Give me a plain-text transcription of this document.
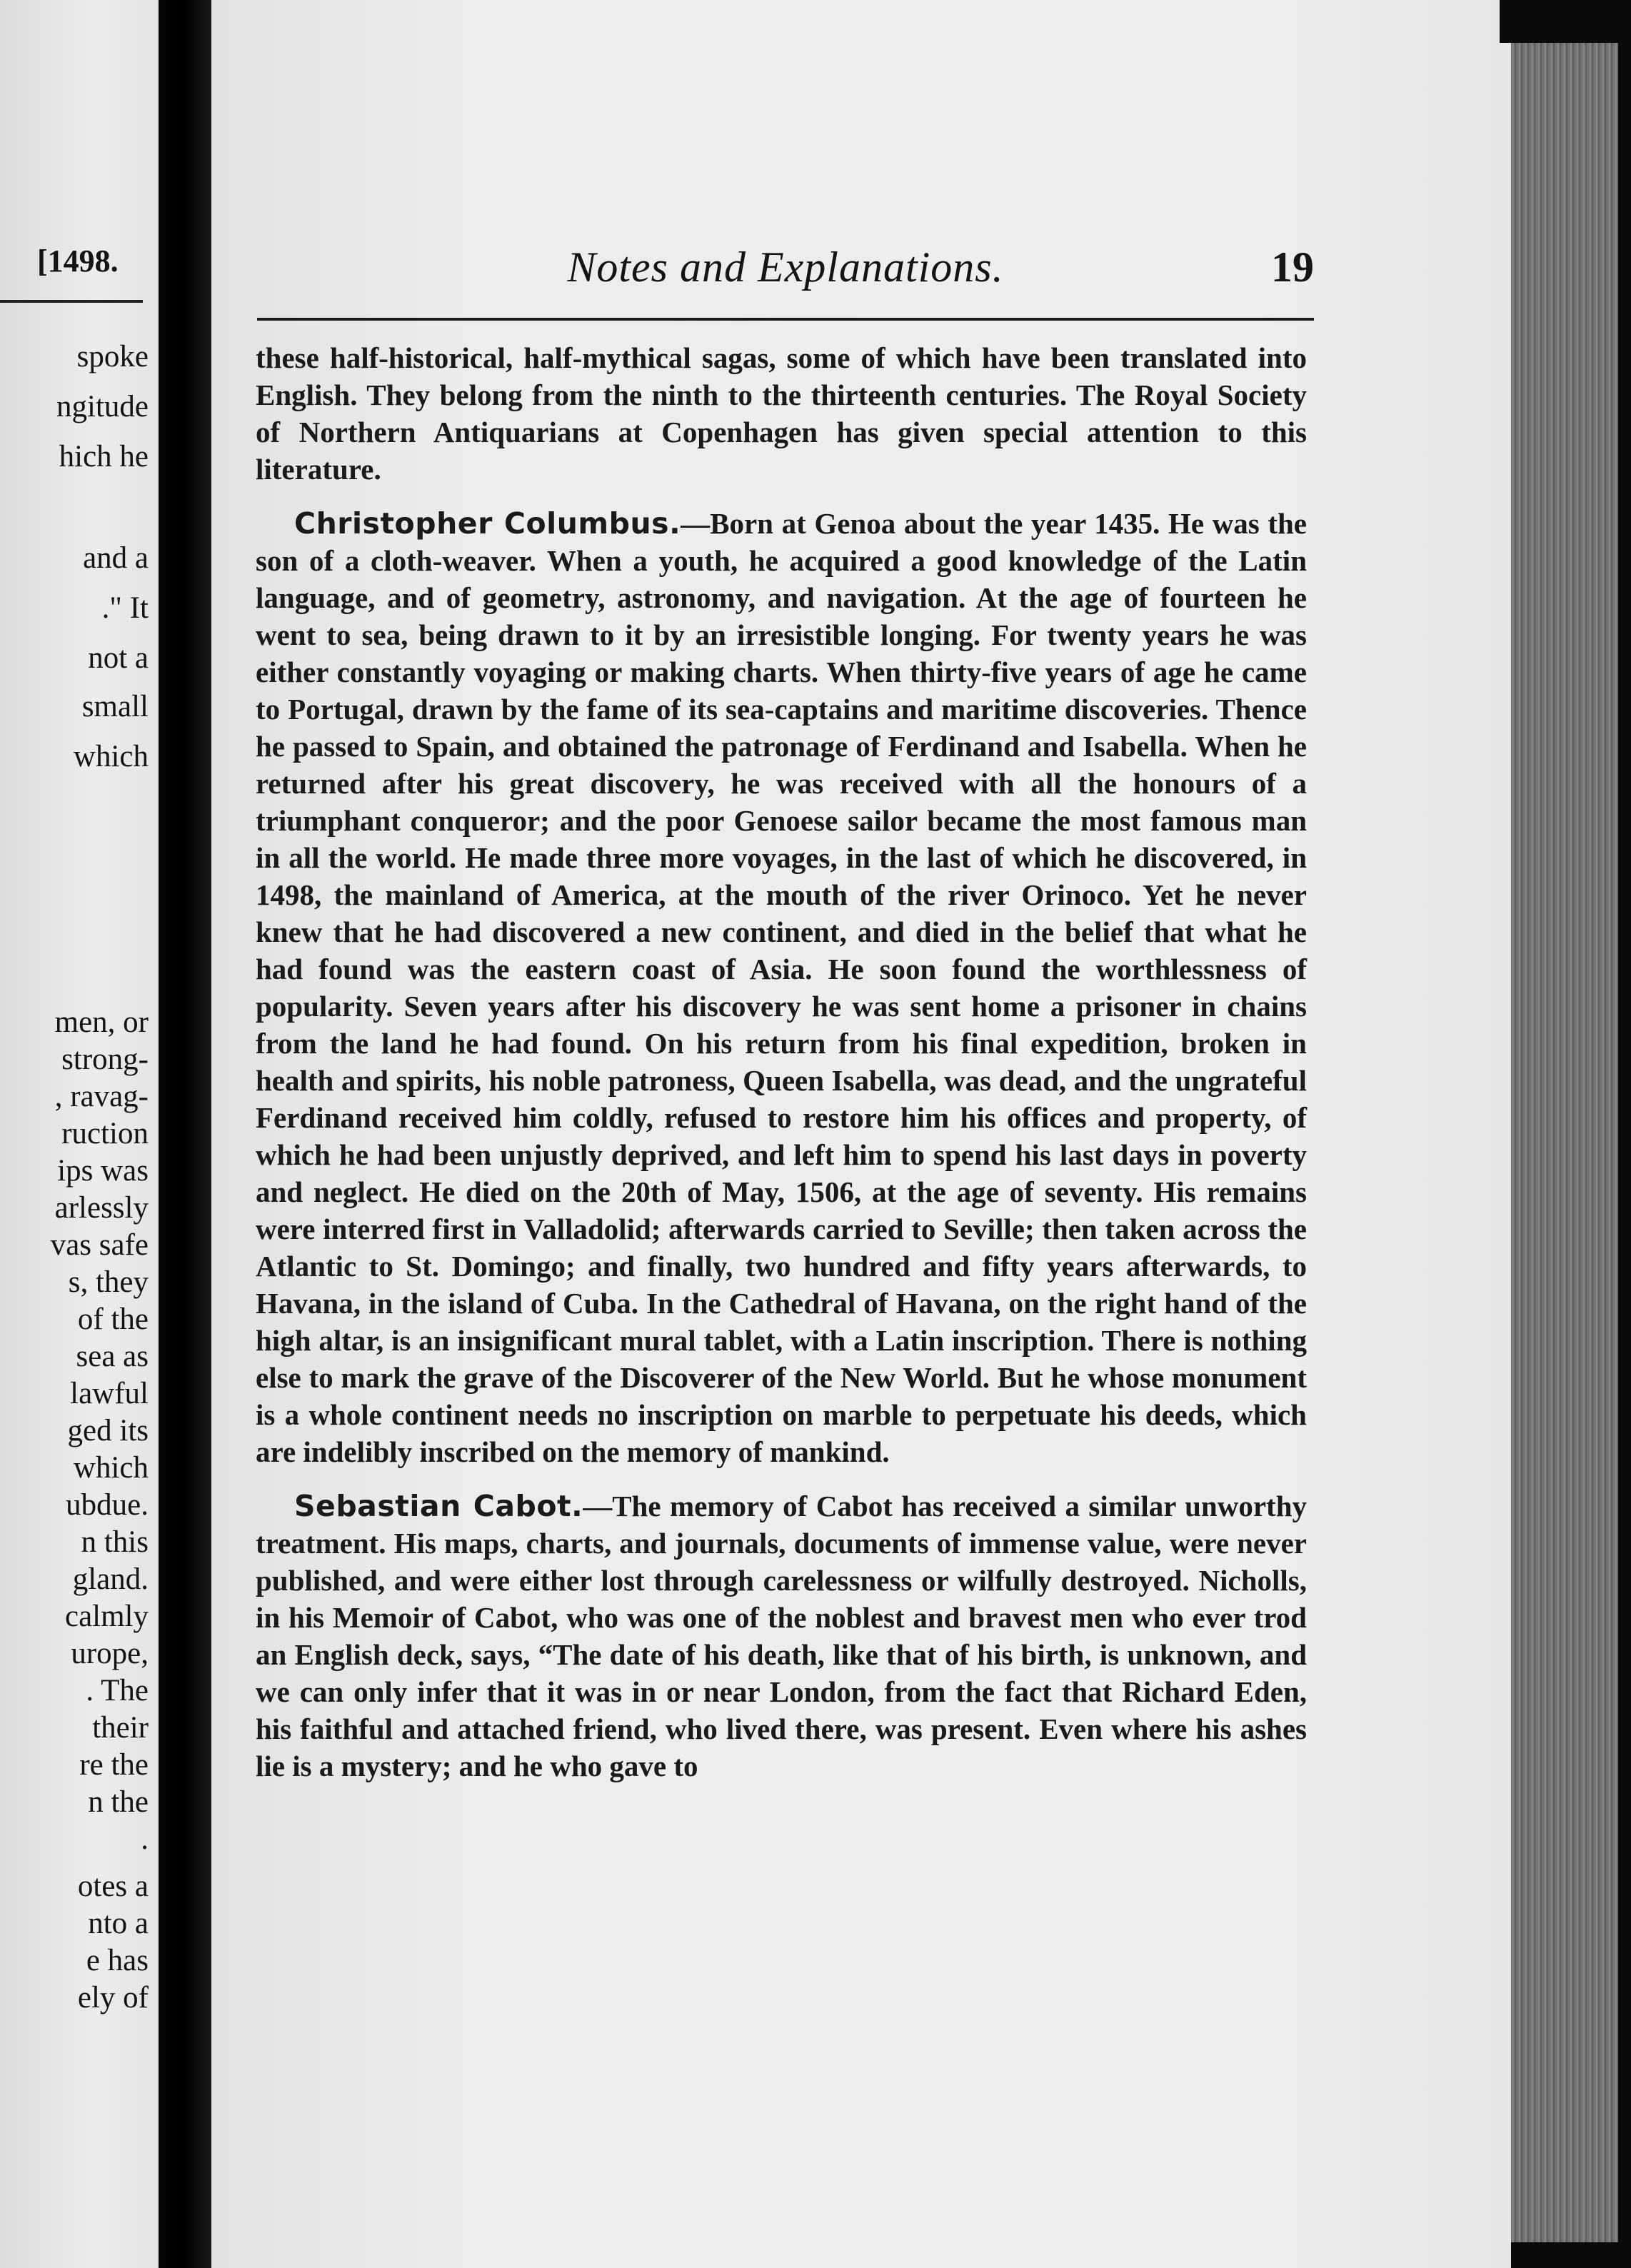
[1498.
spoke
ngitude
hich he
and a
." It
not a
small
which
men, or
strong-
, ravag-
ruction
ips was
arlessly
vas safe
s, they
of the
sea as
lawful
ged its
which
ubdue.
n this
gland.
calmly
urope,
. The
their
re the
n the
.
otes a
nto a
e has
ely of
Notes and Explanations.	19

these half-historical, half-mythical sagas, some of which have been translated into English. They belong from the ninth to the thirteenth centuries. The Royal Society of Northern Antiquarians at Copenhagen has given special attention to this literature.

Christopher Columbus.—Born at Genoa about the year 1435. He was the son of a cloth-weaver. When a youth, he acquired a good knowledge of the Latin language, and of geometry, astronomy, and navigation. At the age of fourteen he went to sea, being drawn to it by an irresistible longing. For twenty years he was either constantly voyaging or making charts. When thirty-five years of age he came to Portugal, drawn by the fame of its sea-captains and maritime discoveries. Thence he passed to Spain, and obtained the patronage of Ferdinand and Isabella. When he returned after his great discovery, he was received with all the honours of a triumphant conqueror; and the poor Genoese sailor became the most famous man in all the world. He made three more voyages, in the last of which he discovered, in 1498, the mainland of America, at the mouth of the river Orinoco. Yet he never knew that he had discovered a new continent, and died in the belief that what he had found was the eastern coast of Asia. He soon found the worthlessness of popularity. Seven years after his discovery he was sent home a prisoner in chains from the land he had found. On his return from his final expedition, broken in health and spirits, his noble patroness, Queen Isabella, was dead, and the ungrateful Ferdinand received him coldly, refused to restore him his offices and property, of which he had been unjustly deprived, and left him to spend his last days in poverty and neglect. He died on the 20th of May, 1506, at the age of seventy. His remains were interred first in Valladolid; afterwards carried to Seville; then taken across the Atlantic to St. Domingo; and finally, two hundred and fifty years afterwards, to Havana, in the island of Cuba. In the Cathedral of Havana, on the right hand of the high altar, is an insignificant mural tablet, with a Latin inscription. There is nothing else to mark the grave of the Discoverer of the New World. But he whose monument is a whole continent needs no inscription on marble to perpetuate his deeds, which are indelibly inscribed on the memory of mankind.

Sebastian Cabot.—The memory of Cabot has received a similar unworthy treatment. His maps, charts, and journals, documents of immense value, were never published, and were either lost through carelessness or wilfully destroyed. Nicholls, in his Memoir of Cabot, who was one of the noblest and bravest men who ever trod an English deck, says, “The date of his death, like that of his birth, is unknown, and we can only infer that it was in or near London, from the fact that Richard Eden, his faithful and attached friend, who lived there, was present. Even where his ashes lie is a mystery; and he who gave to
